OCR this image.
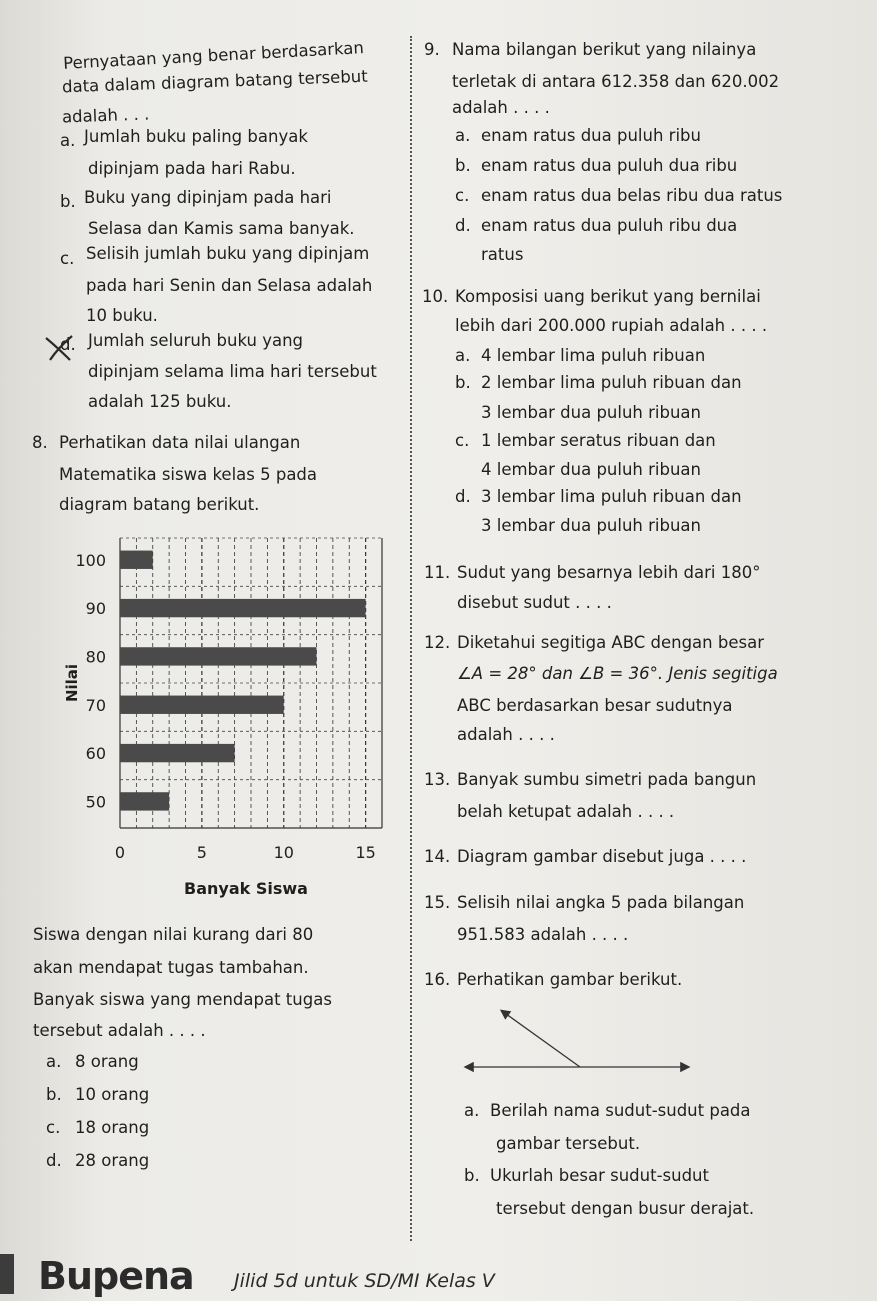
Pernyataan yang benar berdasarkan
data dalam diagram batang tersebut
adalah . . .
a. Jumlah buku paling banyak
dipinjam pada hari Rabu.
b. Buku yang dipinjam pada hari
Selasa dan Kamis sama banyak.
c. Selisih jumlah buku yang dipinjam
pada hari Senin dan Selasa adalah
10 buku.
d. Jumlah seluruh buku yang
dipinjam selama lima hari tersebut
adalah 125 buku.
8. Perhatikan data nilai ulangan
Matematika siswa kelas 5 pada
diagram batang berikut.
100
90
80
70
60
50
0	5	10	15
Banyak Siswa
Nilai
Siswa dengan nilai kurang dari 80
akan mendapat tugas tambahan.
Banyak siswa yang mendapat tugas
tersebut adalah . . . .
a. 8 orang
b. 10 orang
c. 18 orang
d. 28 orang
9. Nama bilangan berikut yang nilainya
terletak di antara 612.358 dan 620.002
adalah . . . .
a. enam ratus dua puluh ribu
b. enam ratus dua puluh dua ribu
c. enam ratus dua belas ribu dua ratus
d. enam ratus dua puluh ribu dua
ratus
10. Komposisi uang berikut yang bernilai
lebih dari 200.000 rupiah adalah . . . .
a. 4 lembar lima puluh ribuan
b. 2 lembar lima puluh ribuan dan
3 lembar dua puluh ribuan
c. 1 lembar seratus ribuan dan
4 lembar dua puluh ribuan
d. 3 lembar lima puluh ribuan dan
3 lembar dua puluh ribuan
11. Sudut yang besarnya lebih dari 180°
disebut sudut . . . .
12. Diketahui segitiga ABC dengan besar
∠A = 28° dan ∠B = 36°. Jenis segitiga
ABC berdasarkan besar sudutnya
adalah . . . .
13. Banyak sumbu simetri pada bangun
belah ketupat adalah . . . .
14. Diagram gambar disebut juga . . . .
15. Selisih nilai angka 5 pada bilangan
951.583 adalah . . . .
16. Perhatikan gambar berikut.
a. Berilah nama sudut-sudut pada
gambar tersebut.
b. Ukurlah besar sudut-sudut
tersebut dengan busur derajat.
Bupena Jilid 5d untuk SD/MI Kelas V
